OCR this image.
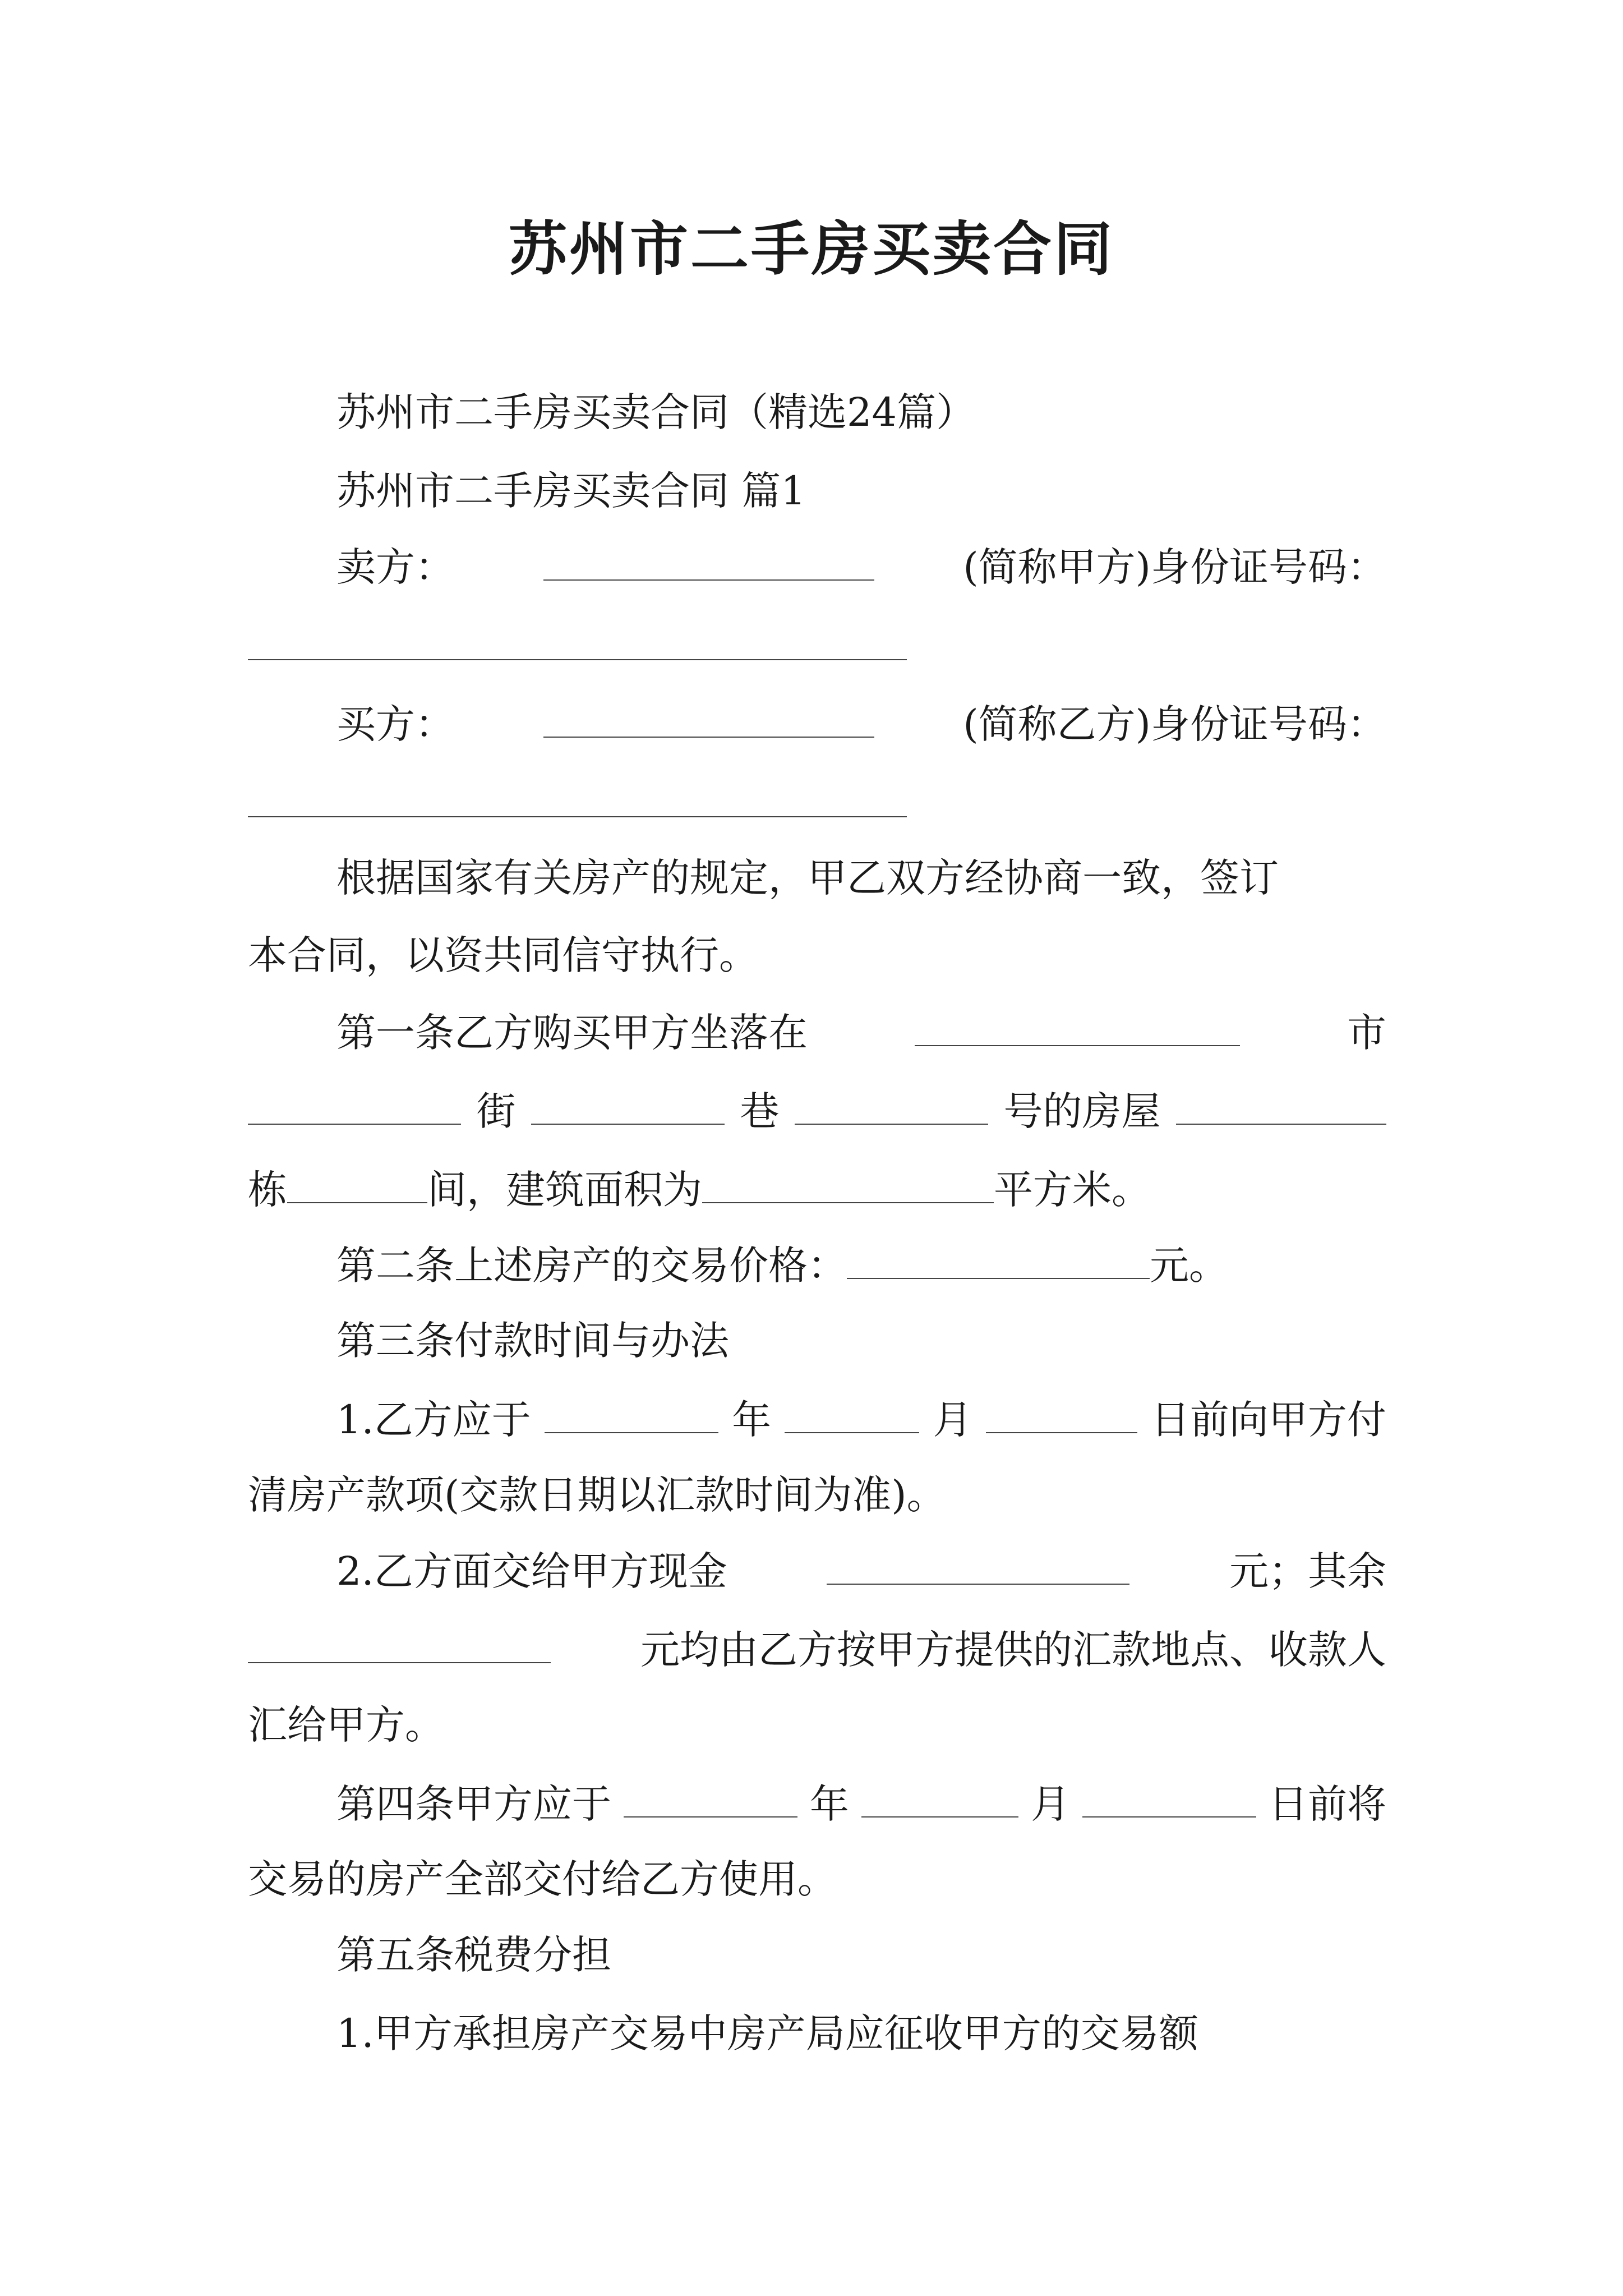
苏州市二手房买卖合同
苏州市二手房买卖合同（精选24篇）
苏州市二手房买卖合同 篇1
卖方：	(简称甲方)身份证号码：
买方：	(简称乙方)身份证号码：
根据国家有关房产的规定，甲乙双方经协商一致，签订
本合同，以资共同信守执行。
第一条乙方购买甲方坐落在	市
街	巷	号的房屋
栋	间，建筑面积为	平方米。
第二条上述房产的交易价格：	元。
第三条付款时间与办法
1.乙方应于	年	月	日前向甲方付
清房产款项(交款日期以汇款时间为准)。
2.乙方面交给甲方现金	元；其余
元均由乙方按甲方提供的汇款地点、收款人
汇给甲方。
第四条甲方应于	年	月	日前将
交易的房产全部交付给乙方使用。
第五条税费分担
1.甲方承担房产交易中房产局应征收甲方的交易额
